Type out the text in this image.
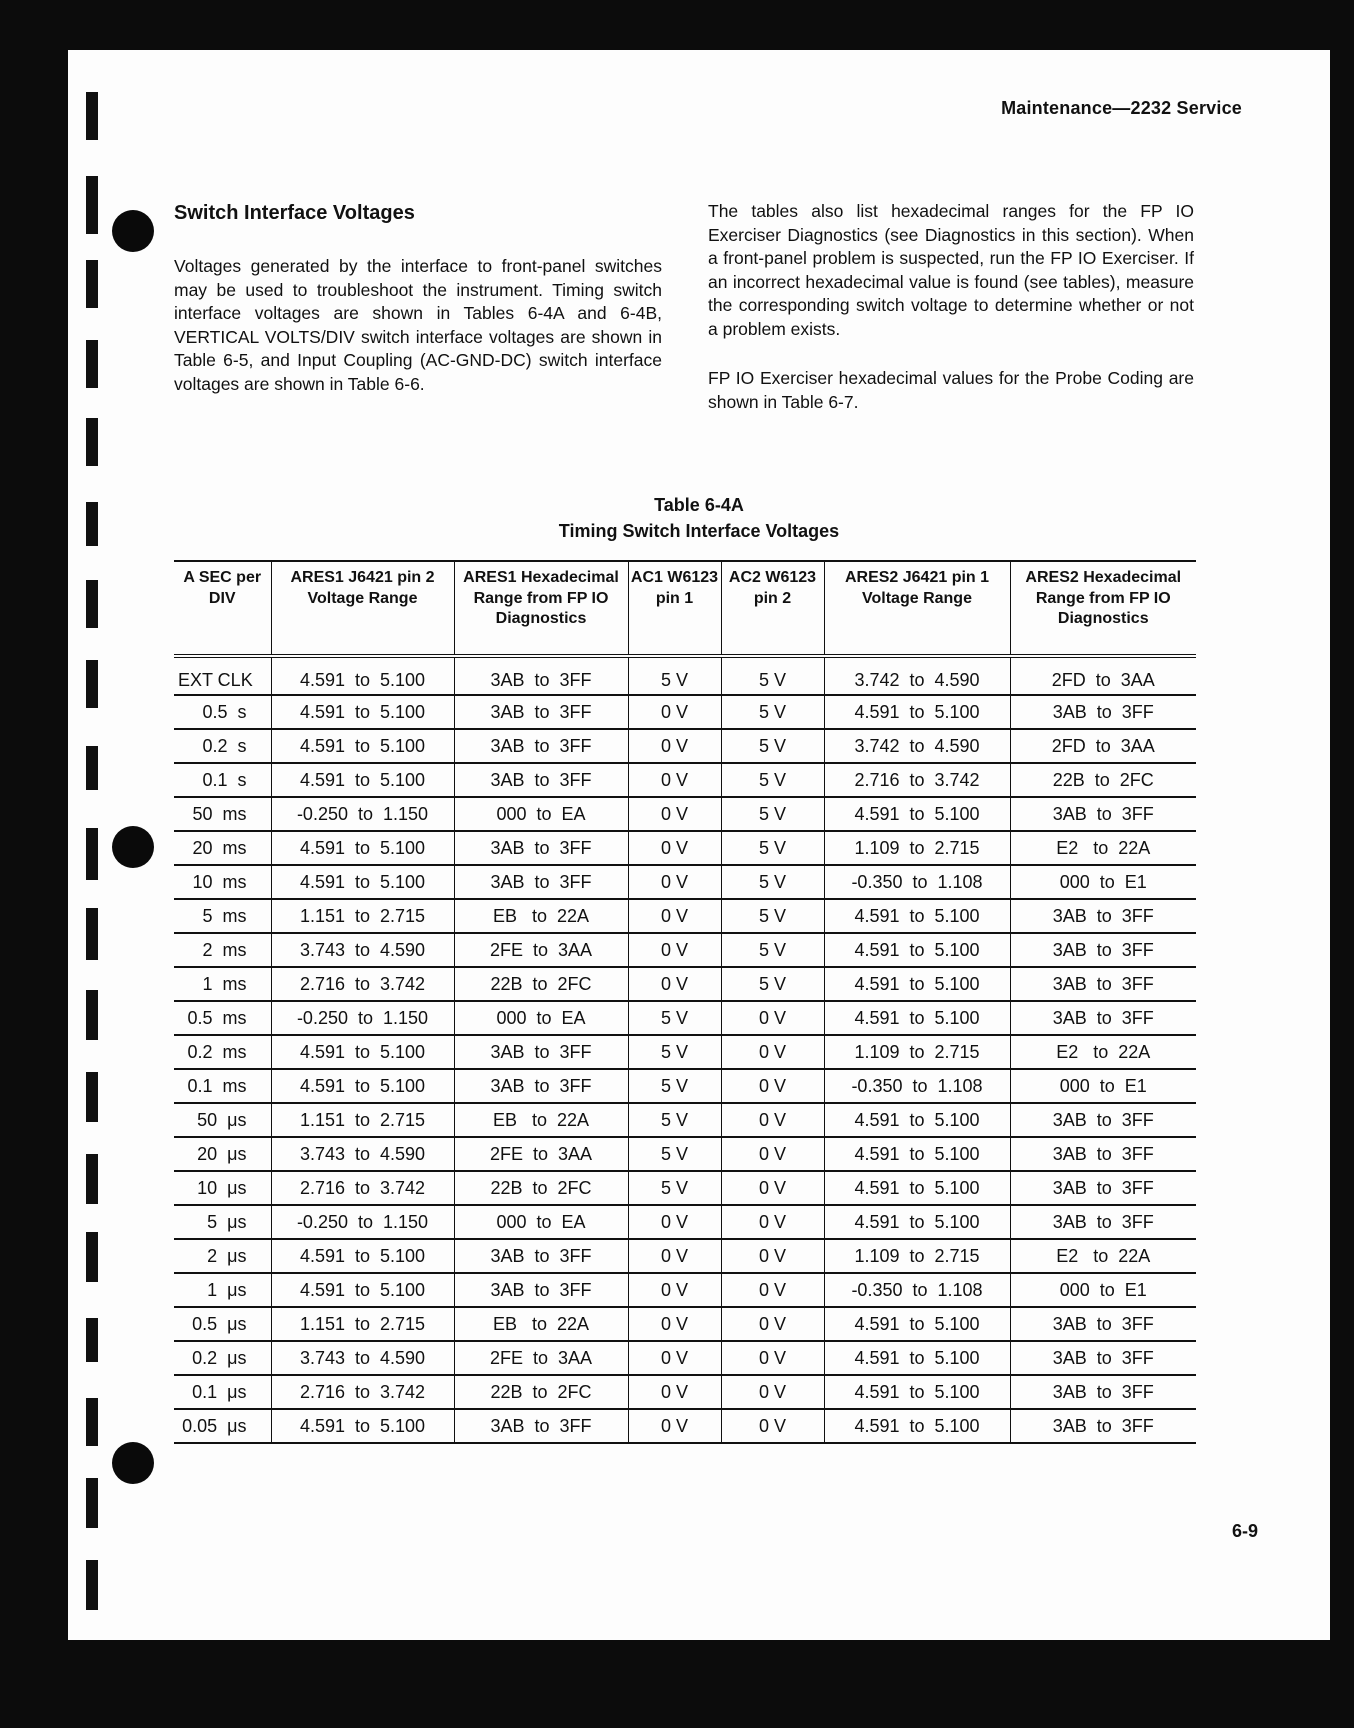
Maintenance—2232 Service
Switch Interface Voltages

Voltages generated by the interface to front-panel switches may be used to troubleshoot the instrument. Timing switch interface voltages are shown in Tables 6-4A and 6-4B, VERTICAL VOLTS/DIV switch interface voltages are shown in Table 6-5, and Input Coupling (AC-GND-DC) switch interface voltages are shown in Table 6-6.

The tables also list hexadecimal ranges for the FP IO Exerciser Diagnostics (see Diagnostics in this section). When a front-panel problem is suspected, run the FP IO Exerciser. If an incorrect hexadecimal value is found (see tables), measure the corresponding switch voltage to determine whether or not a problem exists.

FP IO Exerciser hexadecimal values for the Probe Coding are shown in Table 6-7.

Table 6-4A
Timing Switch Interface Voltages
A SEC per DIV	ARES1 J6421 pin 2 Voltage Range	ARES1 Hexadecimal Range from FP IO Diagnostics	AC1 W6123 pin 1	AC2 W6123 pin 2	ARES2 J6421 pin 1 Voltage Range	ARES2 Hexadecimal Range from FP IO Diagnostics
EXT CLK	4.591  to  5.100	3AB  to  3FF	5 V	5 V	3.742  to  4.590	2FD  to  3AA
0.5  s	4.591  to  5.100	3AB  to  3FF	0 V	5 V	4.591  to  5.100	3AB  to  3FF
0.2  s	4.591  to  5.100	3AB  to  3FF	0 V	5 V	3.742  to  4.590	2FD  to  3AA
0.1  s	4.591  to  5.100	3AB  to  3FF	0 V	5 V	2.716  to  3.742	22B  to  2FC
50  ms	-0.250  to  1.150	000  to  EA	0 V	5 V	4.591  to  5.100	3AB  to  3FF
20  ms	4.591  to  5.100	3AB  to  3FF	0 V	5 V	1.109  to  2.715	E2   to  22A
10  ms	4.591  to  5.100	3AB  to  3FF	0 V	5 V	-0.350  to  1.108	000  to  E1
5  ms	1.151  to  2.715	EB   to  22A	0 V	5 V	4.591  to  5.100	3AB  to  3FF
2  ms	3.743  to  4.590	2FE  to  3AA	0 V	5 V	4.591  to  5.100	3AB  to  3FF
1  ms	2.716  to  3.742	22B  to  2FC	0 V	5 V	4.591  to  5.100	3AB  to  3FF
0.5  ms	-0.250  to  1.150	000  to  EA	5 V	0 V	4.591  to  5.100	3AB  to  3FF
0.2  ms	4.591  to  5.100	3AB  to  3FF	5 V	0 V	1.109  to  2.715	E2   to  22A
0.1  ms	4.591  to  5.100	3AB  to  3FF	5 V	0 V	-0.350  to  1.108	000  to  E1
50  μs	1.151  to  2.715	EB   to  22A	5 V	0 V	4.591  to  5.100	3AB  to  3FF
20  μs	3.743  to  4.590	2FE  to  3AA	5 V	0 V	4.591  to  5.100	3AB  to  3FF
10  μs	2.716  to  3.742	22B  to  2FC	5 V	0 V	4.591  to  5.100	3AB  to  3FF
5  μs	-0.250  to  1.150	000  to  EA	0 V	0 V	4.591  to  5.100	3AB  to  3FF
2  μs	4.591  to  5.100	3AB  to  3FF	0 V	0 V	1.109  to  2.715	E2   to  22A
1  μs	4.591  to  5.100	3AB  to  3FF	0 V	0 V	-0.350  to  1.108	000  to  E1
0.5  μs	1.151  to  2.715	EB   to  22A	0 V	0 V	4.591  to  5.100	3AB  to  3FF
0.2  μs	3.743  to  4.590	2FE  to  3AA	0 V	0 V	4.591  to  5.100	3AB  to  3FF
0.1  μs	2.716  to  3.742	22B  to  2FC	0 V	0 V	4.591  to  5.100	3AB  to  3FF
0.05  μs	4.591  to  5.100	3AB  to  3FF	0 V	0 V	4.591  to  5.100	3AB  to  3FF
6-9
